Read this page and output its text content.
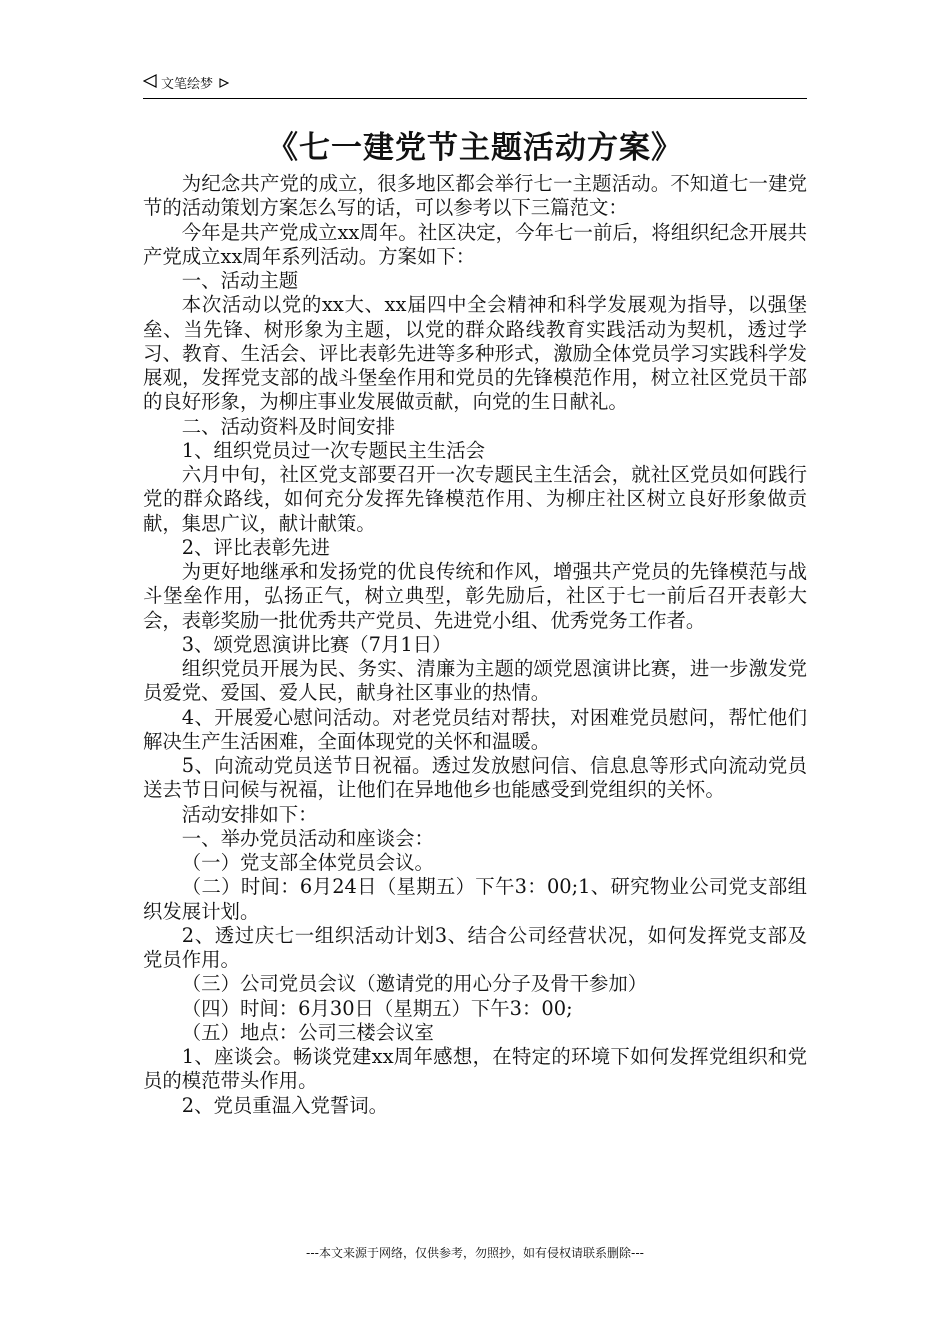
文笔绘梦
《七一建党节主题活动方案》

为纪念共产党的成立，很多地区都会举行七一主题活动。不知道七一建党节的活动策划方案怎么写的话，可以参考以下三篇范文：

今年是共产党成立xx周年。社区决定，今年七一前后，将组织纪念开展共产党成立xx周年系列活动。方案如下：

一、活动主题

本次活动以党的xx大、xx届四中全会精神和科学发展观为指导，以强堡垒、当先锋、树形象为主题，以党的群众路线教育实践活动为契机，透过学习、教育、生活会、评比表彰先进等多种形式，激励全体党员学习实践科学发展观，发挥党支部的战斗堡垒作用和党员的先锋模范作用，树立社区党员干部的良好形象，为柳庄事业发展做贡献，向党的生日献礼。

二、活动资料及时间安排

1、组织党员过一次专题民主生活会

六月中旬，社区党支部要召开一次专题民主生活会，就社区党员如何践行党的群众路线，如何充分发挥先锋模范作用、为柳庄社区树立良好形象做贡献，集思广议，献计献策。

2、评比表彰先进

为更好地继承和发扬党的优良传统和作风，增强共产党员的先锋模范与战斗堡垒作用，弘扬正气，树立典型，彰先励后，社区于七一前后召开表彰大会，表彰奖励一批优秀共产党员、先进党小组、优秀党务工作者。

3、颂党恩演讲比赛（7月1日）

组织党员开展为民、务实、清廉为主题的颂党恩演讲比赛，进一步激发党员爱党、爱国、爱人民，献身社区事业的热情。

4、开展爱心慰问活动。对老党员结对帮扶，对困难党员慰问，帮忙他们解决生产生活困难，全面体现党的关怀和温暖。

5、向流动党员送节日祝福。透过发放慰问信、信息息等形式向流动党员送去节日问候与祝福，让他们在异地他乡也能感受到党组织的关怀。

活动安排如下：

一、举办党员活动和座谈会：

（一）党支部全体党员会议。

（二）时间：6月24日（星期五）下午3：00;1、研究物业公司党支部组织发展计划。

2、透过庆七一组织活动计划3、结合公司经营状况，如何发挥党支部及党员作用。

（三）公司党员会议（邀请党的用心分子及骨干参加）

（四）时间：6月30日（星期五）下午3：00;

（五）地点：公司三楼会议室

1、座谈会。畅谈党建xx周年感想，在特定的环境下如何发挥党组织和党员的模范带头作用。

2、党员重温入党誓词。

---本文来源于网络，仅供参考，勿照抄，如有侵权请联系删除---
